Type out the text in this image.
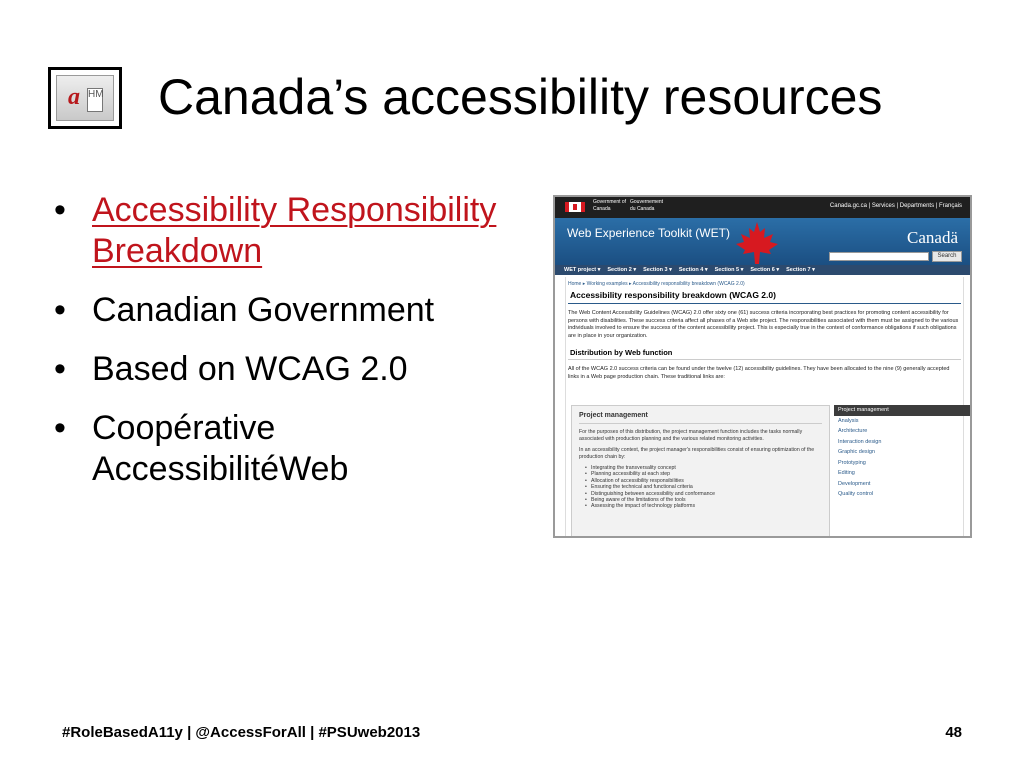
a HM Canada’s accessibility resources
• Accessibility Responsibility Breakdown
• Canadian Government
• Based on WCAG 2.0
• Coopérative AccessibilitéWeb
Government of Canada
Gouvernement du Canada	Canada.gc.ca | Services | Departments | Français
Web Experience Toolkit (WET)	Canadä
Search
WET project ▾ Section 2 ▾ Section 3 ▾ Section 4 ▾ Section 5 ▾ Section 6 ▾ Section 7 ▾
Home ▸ Working examples ▸ Accessibility responsibility breakdown (WCAG 2.0)
Accessibility responsibility breakdown (WCAG 2.0)

The Web Content Accessibility Guidelines (WCAG) 2.0 offer sixty one (61) success criteria incorporating best practices for promoting content accessibility for persons with disabilities. These success criteria affect all phases of a Web site project. The responsibilities associated with them must be assigned to the various individuals involved to ensure the success of the content accessibility project. This is especially true in the context of conformance obligations if such obligations are in place in your organization.

Distribution by Web function

All of the WCAG 2.0 success criteria can be found under the twelve (12) accessibility guidelines. They have been allocated to the nine (9) generally accepted links in a Web page production chain. These traditional links are:

Project management

For the purposes of this distribution, the project management function includes the tasks normally associated with production planning and the various related monitoring activities.

In an accessibility context, the project manager's responsibilities consist of ensuring optimization of the production chain by:

• Integrating the transversality concept
• Planning accessibility at each step
• Allocation of accessibility responsibilities
• Ensuring the technical and functional criteria
• Distinguishing between accessibility and conformance
• Being aware of the limitations of the tools
• Assessing the impact of technology platforms
Project management
Analysis
Architecture
Interaction design
Graphic design
Prototyping
Editing
Development
Quality control
#RoleBasedA11y | @AccessForAll | #PSUweb2013	48
